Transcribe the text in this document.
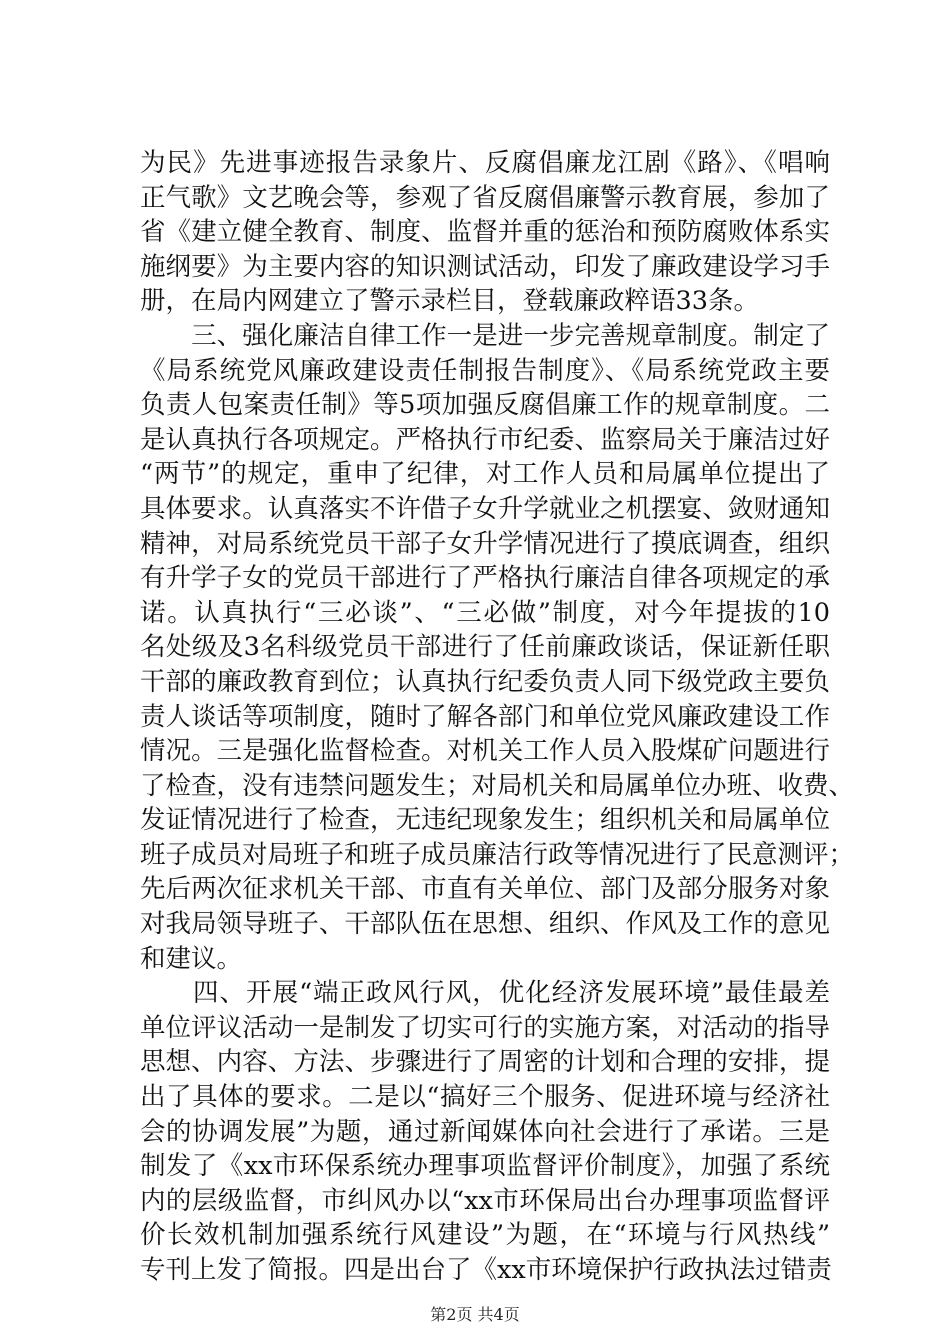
为民》先进事迹报告录象片、反腐倡廉龙江剧《路》、《唱响
正气歌》文艺晚会等，参观了省反腐倡廉警示教育展，参加了
省《建立健全教育、制度、监督并重的惩治和预防腐败体系实
施纲要》为主要内容的知识测试活动，印发了廉政建设学习手
册，在局内网建立了警示录栏目，登载廉政粹语33条。
　　三、强化廉洁自律工作一是进一步完善规章制度。制定了
《局系统党风廉政建设责任制报告制度》、《局系统党政主要
负责人包案责任制》等5项加强反腐倡廉工作的规章制度。二
是认真执行各项规定。严格执行市纪委、监察局关于廉洁过好
“两节”的规定，重申了纪律，对工作人员和局属单位提出了
具体要求。认真落实不许借子女升学就业之机摆宴、敛财通知
精神，对局系统党员干部子女升学情况进行了摸底调查，组织
有升学子女的党员干部进行了严格执行廉洁自律各项规定的承
诺。认真执行“三必谈”、“三必做”制度，对今年提拔的10
名处级及3名科级党员干部进行了任前廉政谈话，保证新任职
干部的廉政教育到位；认真执行纪委负责人同下级党政主要负
责人谈话等项制度，随时了解各部门和单位党风廉政建设工作
情况。三是强化监督检查。对机关工作人员入股煤矿问题进行
了检查，没有违禁问题发生；对局机关和局属单位办班、收费、
发证情况进行了检查，无违纪现象发生；组织机关和局属单位
班子成员对局班子和班子成员廉洁行政等情况进行了民意测评；
先后两次征求机关干部、市直有关单位、部门及部分服务对象
对我局领导班子、干部队伍在思想、组织、作风及工作的意见
和建议。
　　四、开展“端正政风行风，优化经济发展环境”最佳最差
单位评议活动一是制发了切实可行的实施方案，对活动的指导
思想、内容、方法、步骤进行了周密的计划和合理的安排，提
出了具体的要求。二是以“搞好三个服务、促进环境与经济社
会的协调发展”为题，通过新闻媒体向社会进行了承诺。三是
制发了《xx市环保系统办理事项监督评价制度》，加强了系统
内的层级监督，市纠风办以“xx市环保局出台办理事项监督评
价长效机制加强系统行风建设”为题，在“环境与行风热线”
专刊上发了简报。四是出台了《xx市环境保护行政执法过错责
第2页 共4页
